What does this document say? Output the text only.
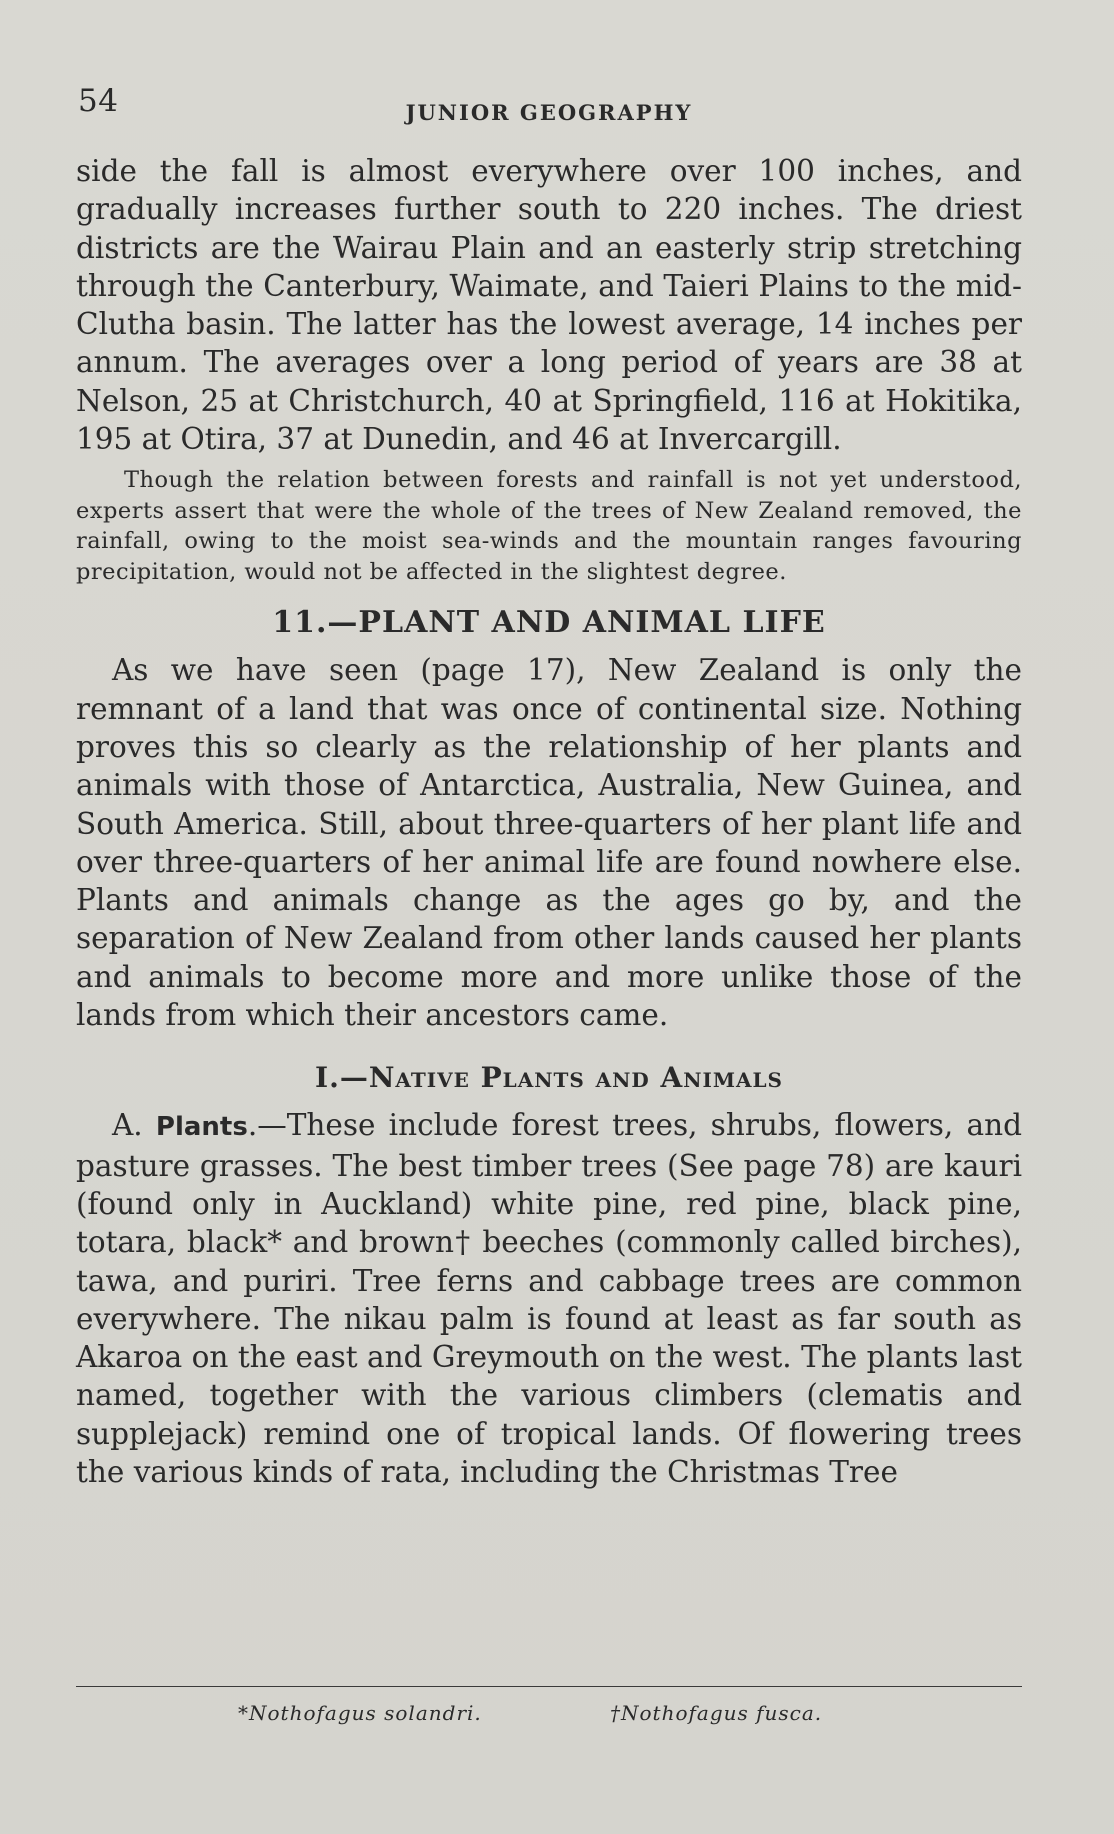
54	JUNIOR GEOGRAPHY

side the fall is almost everywhere over 100 inches, and gradually increases further south to 220 inches. The driest districts are the Wairau Plain and an easterly strip stretching through the Canterbury, Waimate, and Taieri Plains to the mid-Clutha basin. The latter has the lowest average, 14 inches per annum. The averages over a long period of years are 38 at Nelson, 25 at Christchurch, 40 at Springfield, 116 at Hokitika, 195 at Otira, 37 at Dunedin, and 46 at Invercargill.

Though the relation between forests and rainfall is not yet understood, experts assert that were the whole of the trees of New Zealand removed, the rainfall, owing to the moist sea-winds and the mountain ranges favouring precipitation, would not be affected in the slightest degree.

11.—PLANT AND ANIMAL LIFE

As we have seen (page 17), New Zealand is only the remnant of a land that was once of continental size. Nothing proves this so clearly as the relationship of her plants and animals with those of Antarctica, Australia, New Guinea, and South America. Still, about three-quarters of her plant life and over three-quarters of her animal life are found nowhere else. Plants and animals change as the ages go by, and the separation of New Zealand from other lands caused her plants and animals to become more and more unlike those of the lands from which their ancestors came.

I.—Native Plants and Animals

A. Plants.—These include forest trees, shrubs, flowers, and pasture grasses. The best timber trees (See page 78) are kauri (found only in Auckland) white pine, red pine, black pine, totara, black* and brown† beeches (commonly called birches), tawa, and puriri. Tree ferns and cabbage trees are common everywhere. The nikau palm is found at least as far south as Akaroa on the east and Greymouth on the west. The plants last named, together with the various climbers (clematis and supplejack) remind one of tropical lands. Of flowering trees the various kinds of rata, including the Christmas Tree

*Nothofagus solandri.	†Nothofagus fusca.
